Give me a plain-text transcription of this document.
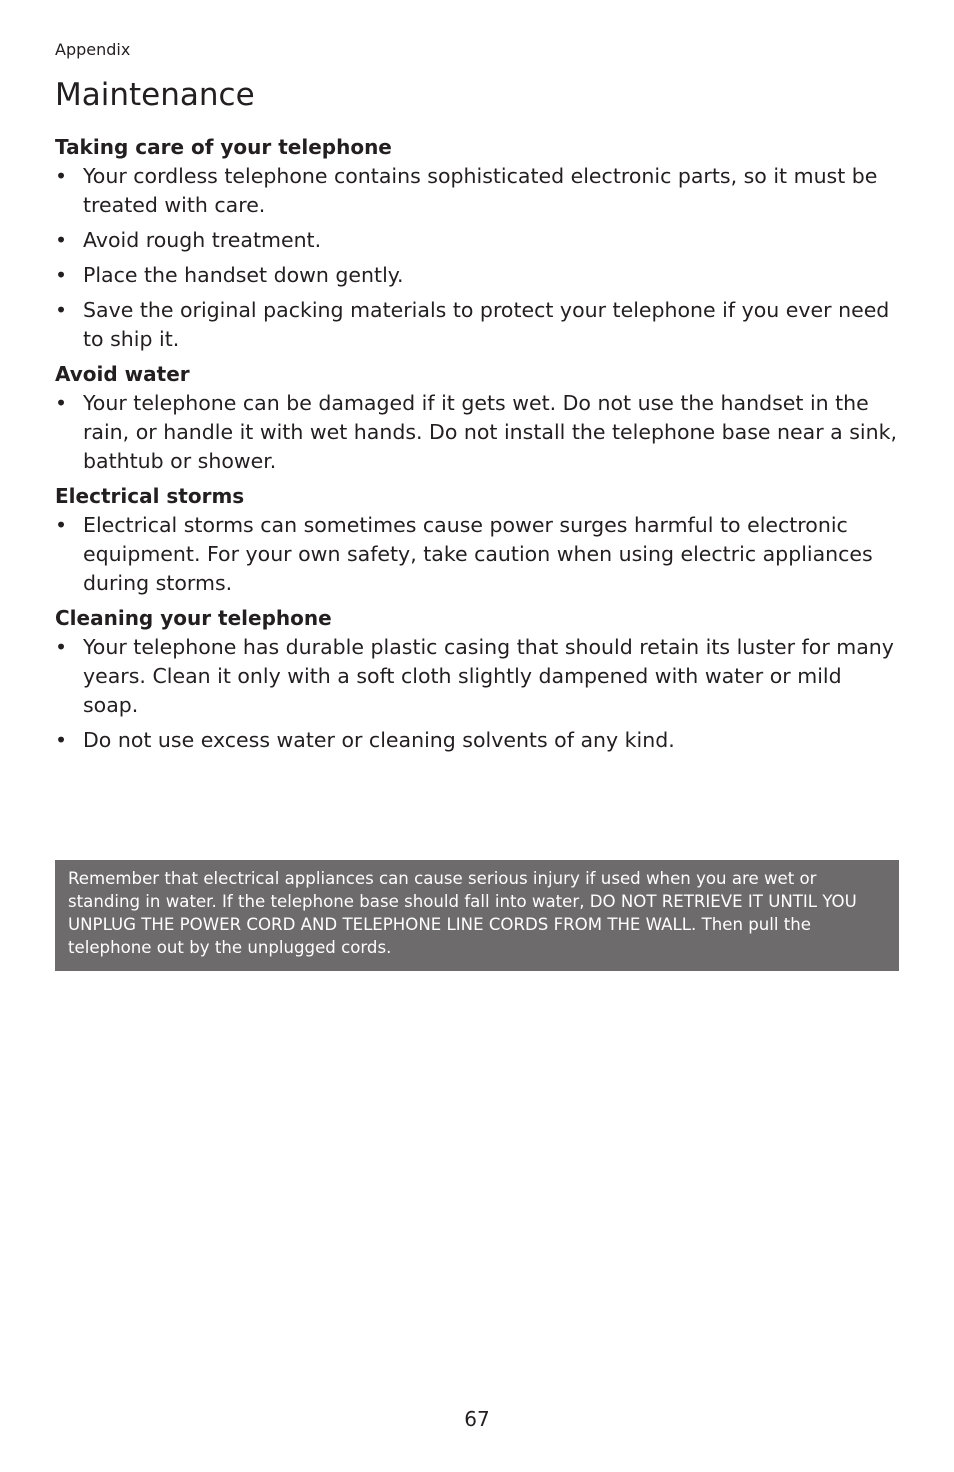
Appendix
Maintenance
Taking care of your telephone
• Your cordless telephone contains sophisticated electronic parts, so it must be treated with care.
• Avoid rough treatment.
• Place the handset down gently.
• Save the original packing materials to protect your telephone if you ever need to ship it.
Avoid water
• Your telephone can be damaged if it gets wet. Do not use the handset in the rain, or handle it with wet hands. Do not install the telephone base near a sink, bathtub or shower.
Electrical storms
• Electrical storms can sometimes cause power surges harmful to electronic equipment. For your own safety, take caution when using electric appliances during storms.
Cleaning your telephone
• Your telephone has durable plastic casing that should retain its luster for many years. Clean it only with a soft cloth slightly dampened with water or mild soap.
• Do not use excess water or cleaning solvents of any kind.
Remember that electrical appliances can cause serious injury if used when you are wet or standing in water. If the telephone base should fall into water, DO NOT RETRIEVE IT UNTIL YOU UNPLUG THE POWER CORD AND TELEPHONE LINE CORDS FROM THE WALL. Then pull the telephone out by the unplugged cords.
67
